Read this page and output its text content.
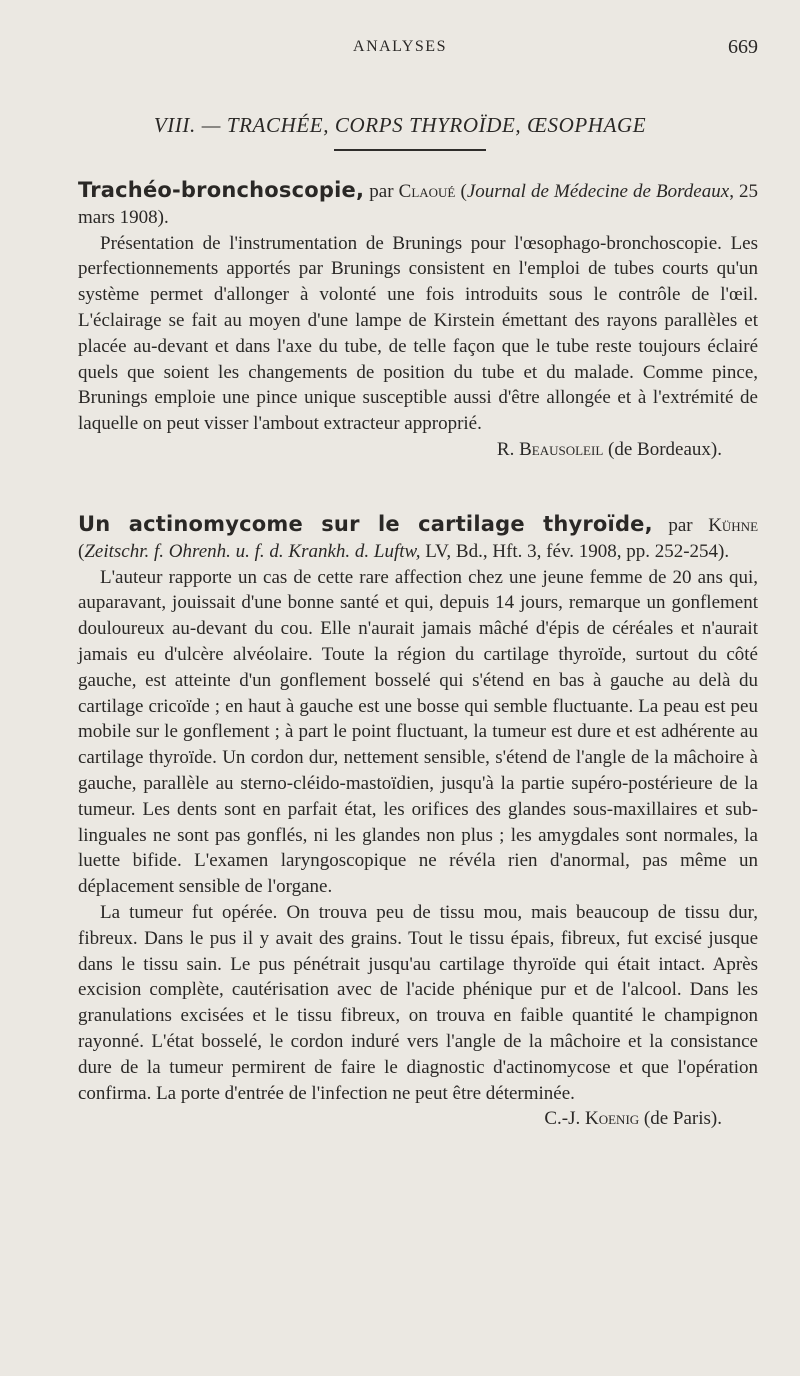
ANALYSES	669
VIII. — TRACHÉE, CORPS THYROÏDE, ŒSOPHAGE

Trachéo-bronchoscopie, par Claoué (Journal de Médecine de Bordeaux, 25 mars 1908).

Présentation de l'instrumentation de Brunings pour l'œsophago-bronchoscopie. Les perfectionnements apportés par Brunings consistent en l'emploi de tubes courts qu'un système permet d'allonger à volonté une fois introduits sous le contrôle de l'œil. L'éclairage se fait au moyen d'une lampe de Kirstein émettant des rayons parallèles et placée au-devant et dans l'axe du tube, de telle façon que le tube reste toujours éclairé quels que soient les changements de position du tube et du malade. Comme pince, Brunings emploie une pince unique susceptible aussi d'être allongée et à l'extrémité de laquelle on peut visser l'ambout extracteur approprié.

R. Beausoleil (de Bordeaux).

Un actinomycome sur le cartilage thyroïde, par Kühne (Zeitschr. f. Ohrenh. u. f. d. Krankh. d. Luftw, LV, Bd., Hft. 3, fév. 1908, pp. 252-254).

L'auteur rapporte un cas de cette rare affection chez une jeune femme de 20 ans qui, auparavant, jouissait d'une bonne santé et qui, depuis 14 jours, remarque un gonflement douloureux au-devant du cou. Elle n'aurait jamais mâché d'épis de céréales et n'aurait jamais eu d'ulcère alvéolaire. Toute la région du cartilage thyroïde, surtout du côté gauche, est atteinte d'un gonflement bosselé qui s'étend en bas à gauche au delà du cartilage cricoïde ; en haut à gauche est une bosse qui semble fluctuante. La peau est peu mobile sur le gonflement ; à part le point fluctuant, la tumeur est dure et est adhérente au cartilage thyroïde. Un cordon dur, nettement sensible, s'étend de l'angle de la mâchoire à gauche, parallèle au sterno-cléido-mastoïdien, jusqu'à la partie supéro-postérieure de la tumeur. Les dents sont en parfait état, les orifices des glandes sous-maxillaires et sub-linguales ne sont pas gonflés, ni les glandes non plus ; les amygdales sont normales, la luette bifide. L'examen laryngoscopique ne révéla rien d'anormal, pas même un déplacement sensible de l'organe.

La tumeur fut opérée. On trouva peu de tissu mou, mais beaucoup de tissu dur, fibreux. Dans le pus il y avait des grains. Tout le tissu épais, fibreux, fut excisé jusque dans le tissu sain. Le pus pénétrait jusqu'au cartilage thyroïde qui était intact. Après excision complète, cautérisation avec de l'acide phénique pur et de l'alcool. Dans les granulations excisées et le tissu fibreux, on trouva en faible quantité le champignon rayonné. L'état bosselé, le cordon induré vers l'angle de la mâchoire et la consistance dure de la tumeur permirent de faire le diagnostic d'actinomycose et que l'opération confirma. La porte d'entrée de l'infection ne peut être déterminée.

C.-J. Koenig (de Paris).
